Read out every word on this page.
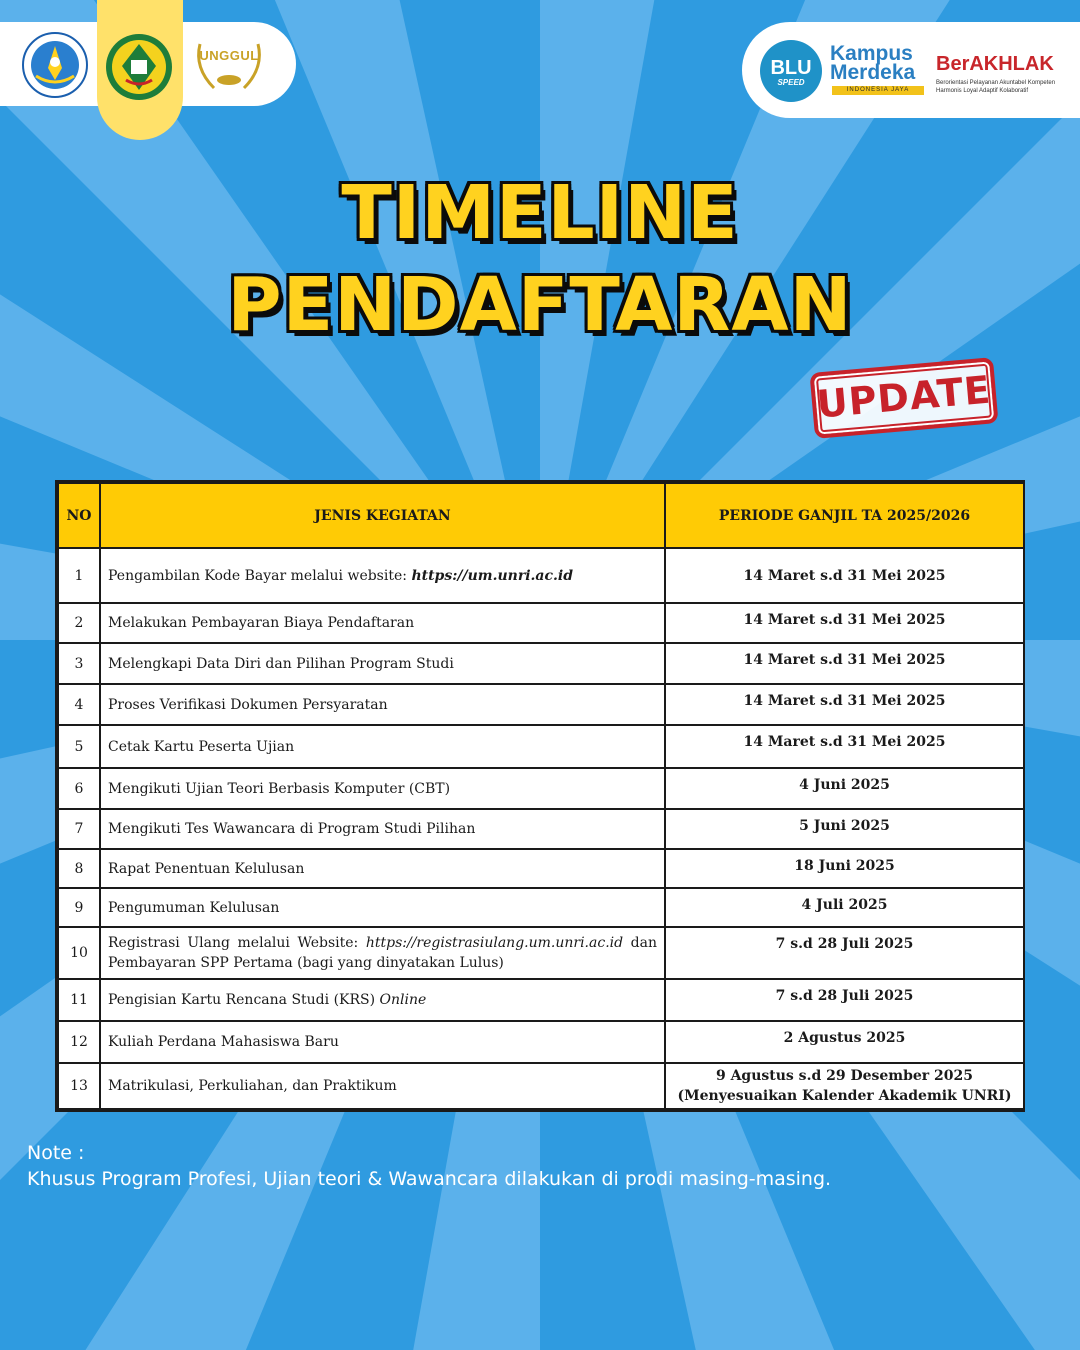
UNGGUL
BLU
SPEED
Kampus
Merdeka
INDONESIA JAYA
BerAKHLAK
Berorientasi Pelayanan Akuntabel Kompeten Harmonis Loyal Adaptif Kolaboratif
TIMELINE
PENDAFTARAN
UPDATE
NO	JENIS KEGIATAN	PERIODE GANJIL TA 2025/2026
1	Pengambilan Kode Bayar melalui website: https://um.unri.ac.id	14 Maret s.d 31 Mei 2025
2	Melakukan Pembayaran Biaya Pendaftaran	14 Maret s.d 31 Mei 2025
3	Melengkapi Data Diri dan Pilihan Program Studi	14 Maret s.d 31 Mei 2025
4	Proses Verifikasi Dokumen Persyaratan	14 Maret s.d 31 Mei 2025
5	Cetak Kartu Peserta Ujian	14 Maret s.d 31 Mei 2025
6	Mengikuti Ujian Teori Berbasis Komputer (CBT)	4 Juni 2025
7	Mengikuti Tes Wawancara di Program Studi Pilihan	5 Juni 2025
8	Rapat Penentuan Kelulusan	18 Juni 2025
9	Pengumuman Kelulusan	4 Juli 2025
10	Registrasi Ulang melalui Website: https://registrasiulang.um.unri.ac.id dan Pembayaran SPP Pertama (bagi yang dinyatakan Lulus)	7 s.d 28 Juli 2025
11	Pengisian Kartu Rencana Studi (KRS) Online	7 s.d 28 Juli 2025
12	Kuliah Perdana Mahasiswa Baru	2 Agustus 2025
13	Matrikulasi, Perkuliahan, dan Praktikum	9 Agustus s.d 29 Desember 2025
(Menyesuaikan Kalender Akademik UNRI)
Note :
Khusus Program Profesi, Ujian teori & Wawancara dilakukan di prodi masing-masing.
